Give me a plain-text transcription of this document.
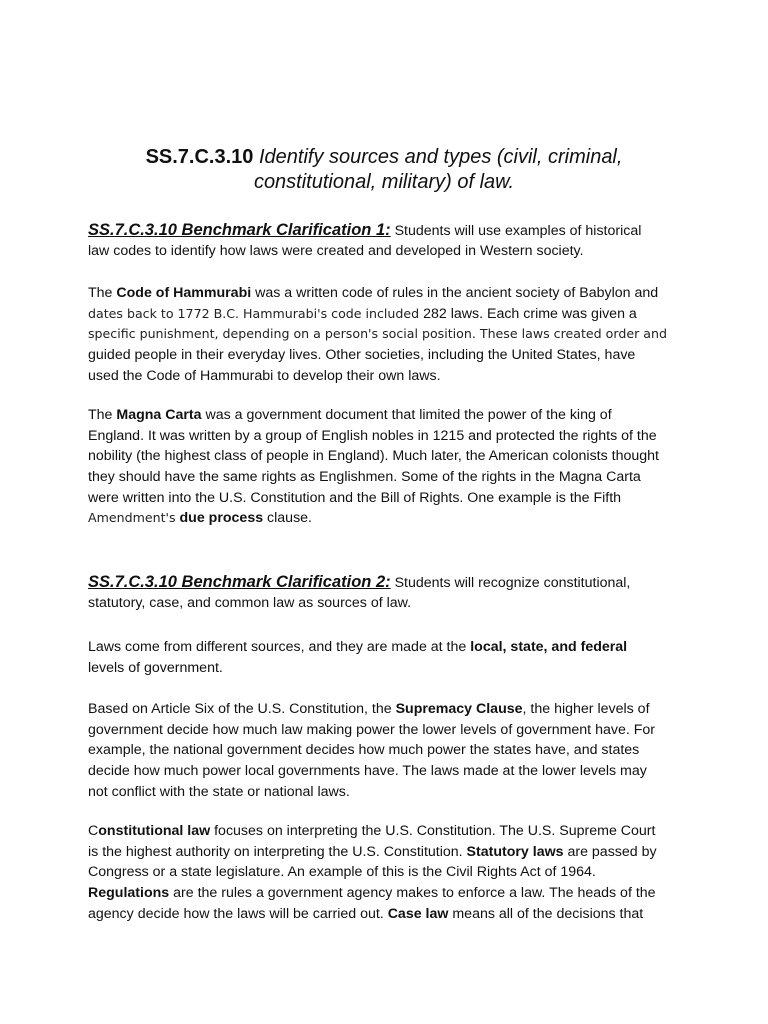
SS.7.C.3.10 Identify sources and types (civil, criminal,
constitutional, military) of law.
SS.7.C.3.10 Benchmark Clarification 1: Students will use examples of historical
law codes to identify how laws were created and developed in Western society.
The Code of Hammurabi was a written code of rules in the ancient society of Babylon and
dates back to 1772 B.C. Hammurabi's code included 282 laws. Each crime was given a
specific punishment, depending on a person's social position. These laws created order and
guided people in their everyday lives. Other societies, including the United States, have
used the Code of Hammurabi to develop their own laws.
The Magna Carta was a government document that limited the power of the king of
England. It was written by a group of English nobles in 1215 and protected the rights of the
nobility (the highest class of people in England). Much later, the American colonists thought
they should have the same rights as Englishmen. Some of the rights in the Magna Carta
were written into the U.S. Constitution and the Bill of Rights. One example is the Fifth
Amendment's due process clause.
SS.7.C.3.10 Benchmark Clarification 2: Students will recognize constitutional,
statutory, case, and common law as sources of law.
Laws come from different sources, and they are made at the local, state, and federal
levels of government.
Based on Article Six of the U.S. Constitution, the Supremacy Clause, the higher levels of
government decide how much law making power the lower levels of government have. For
example, the national government decides how much power the states have, and states
decide how much power local governments have. The laws made at the lower levels may
not conflict with the state or national laws.
Constitutional law focuses on interpreting the U.S. Constitution. The U.S. Supreme Court
is the highest authority on interpreting the U.S. Constitution. Statutory laws are passed by
Congress or a state legislature. An example of this is the Civil Rights Act of 1964.
Regulations are the rules a government agency makes to enforce a law. The heads of the
agency decide how the laws will be carried out. Case law means all of the decisions that
